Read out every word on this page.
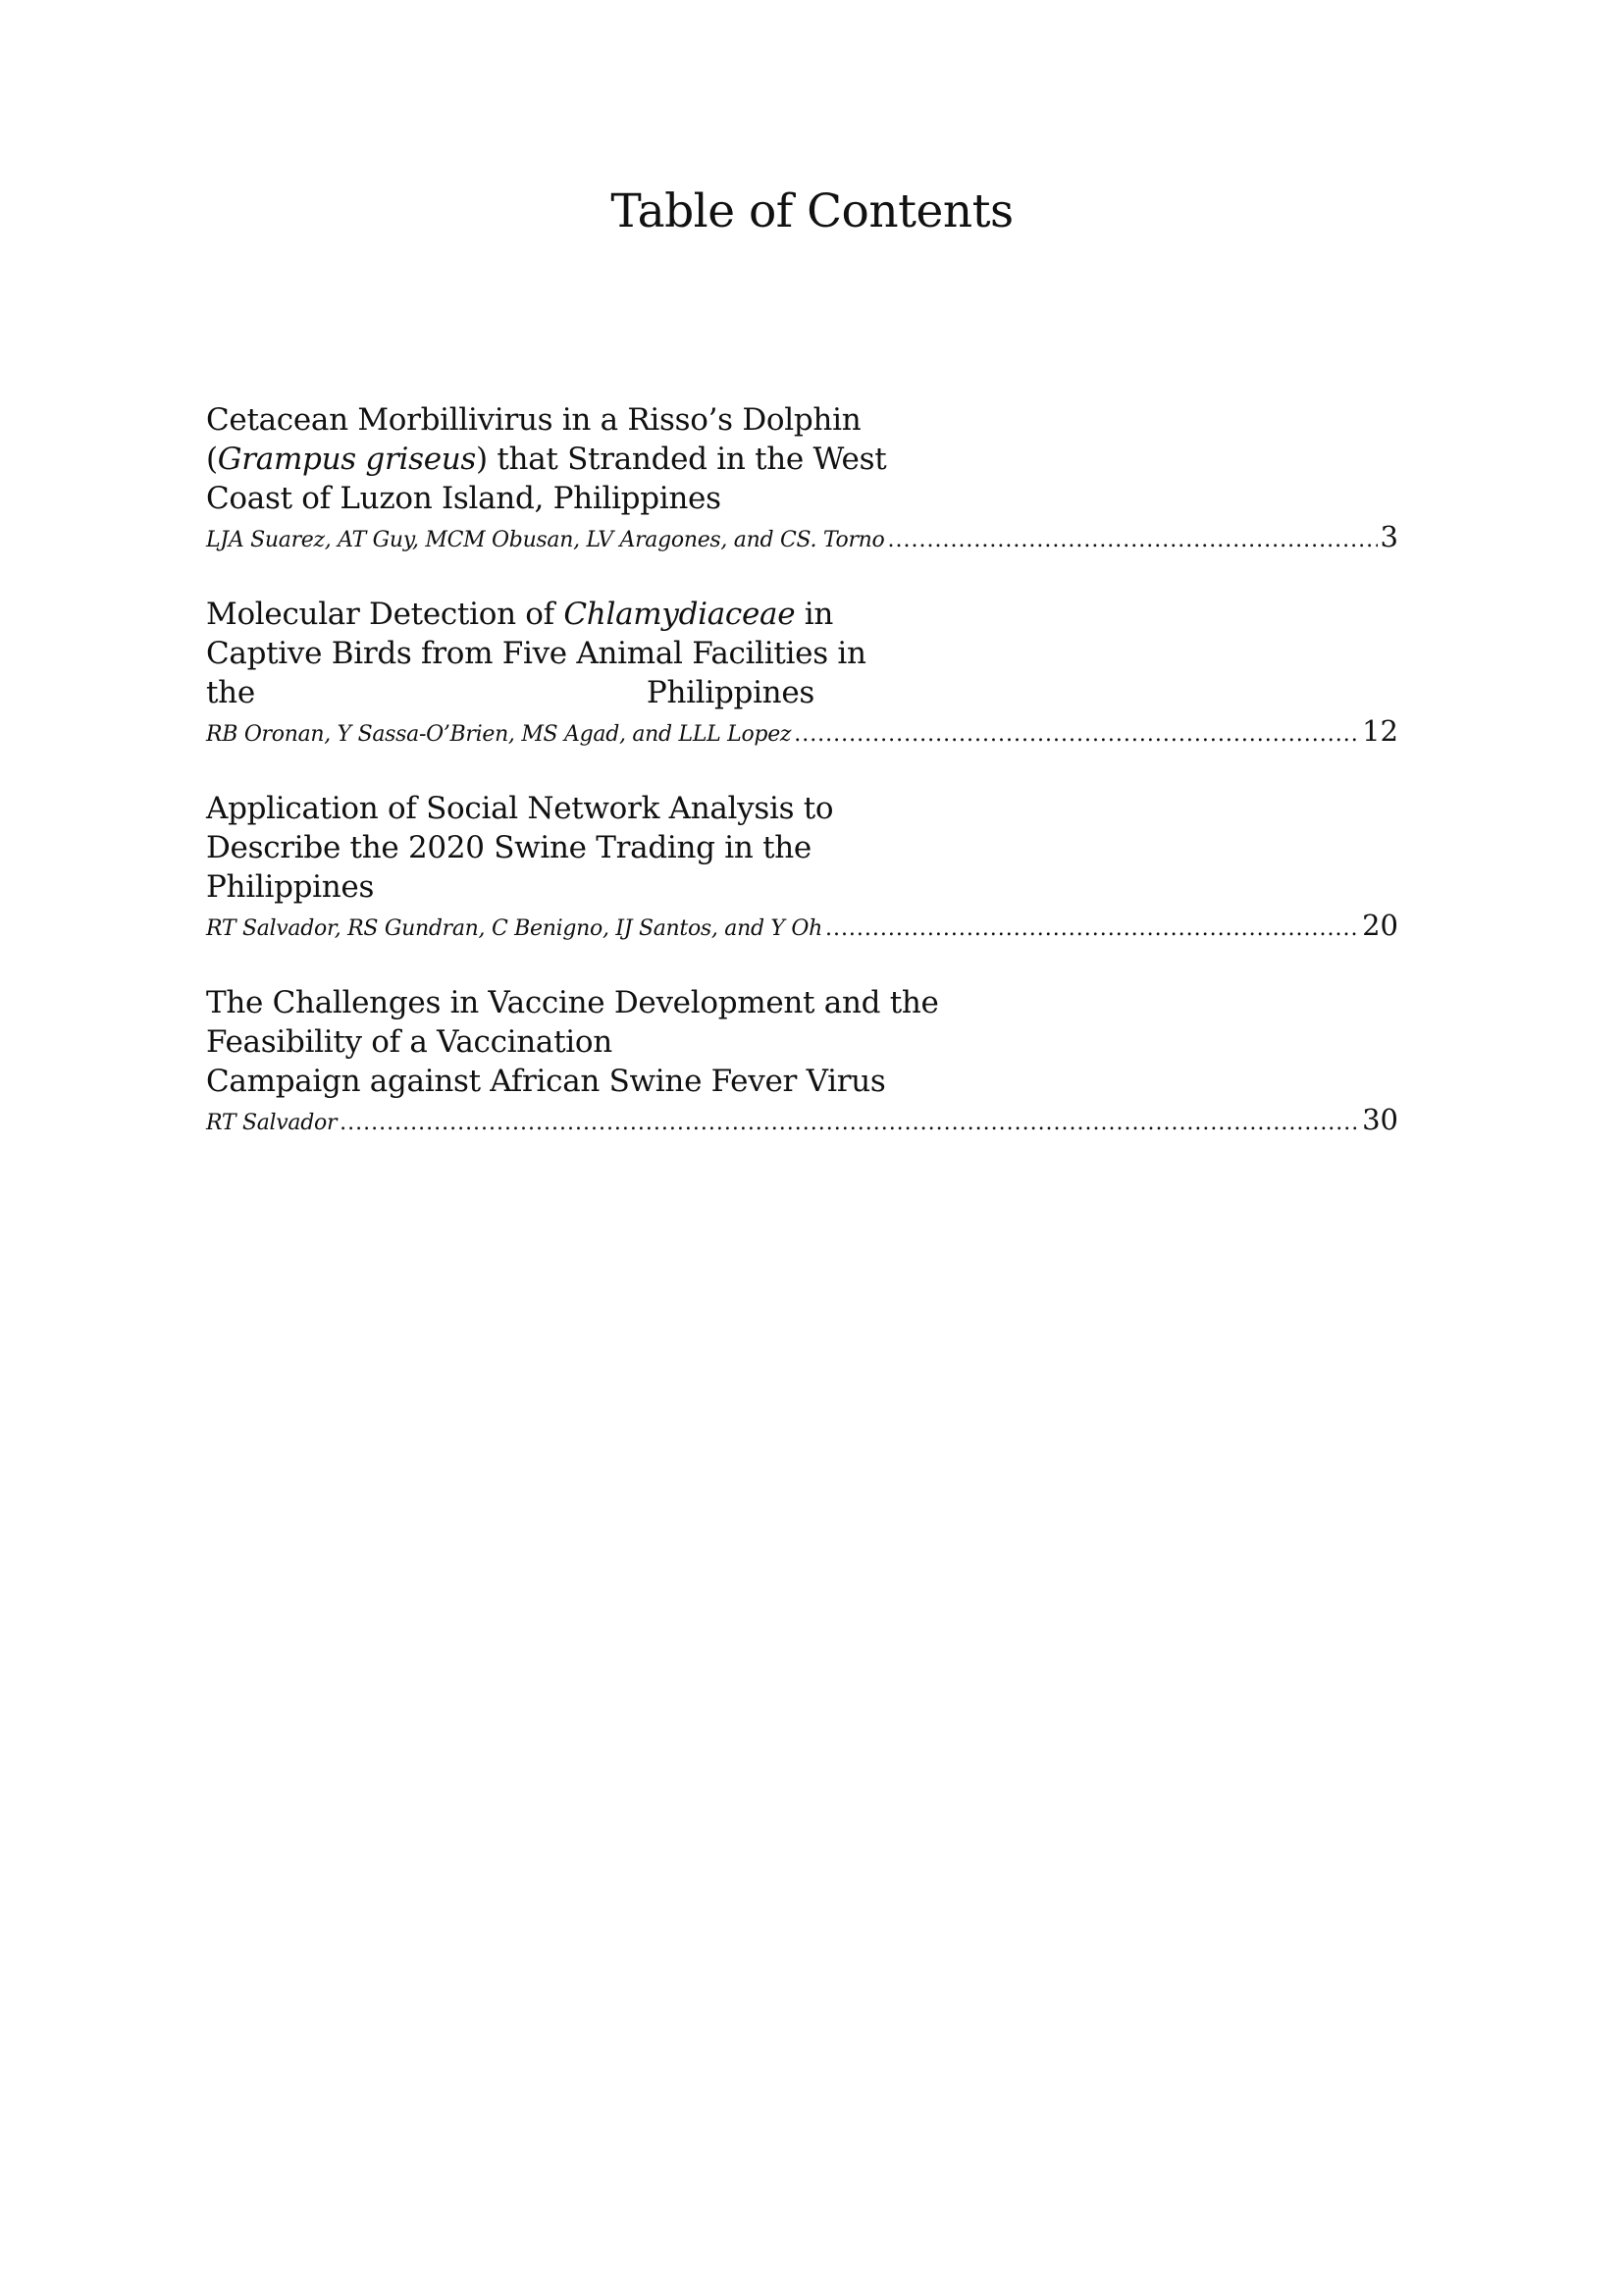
Table of Contents
Cetacean Morbillivirus in a Risso’s Dolphin
(Grampus griseus) that Stranded in the West
Coast of Luzon Island, Philippines
LJA Suarez, AT Guy, MCM Obusan, LV Aragones, and CS. Torno .....	3
Molecular Detection of Chlamydiaceae in
Captive Birds from Five Animal Facilities in
the Philippines
RB Oronan, Y Sassa-O’Brien, MS Agad, and LLL Lopez .....	12
Application of Social Network Analysis to
Describe the 2020 Swine Trading in the
Philippines
RT Salvador, RS Gundran, C Benigno, IJ Santos, and Y Oh .....	20
The Challenges in Vaccine Development and the
Feasibility of a Vaccination
Campaign against African Swine Fever Virus
RT Salvador .....	30
